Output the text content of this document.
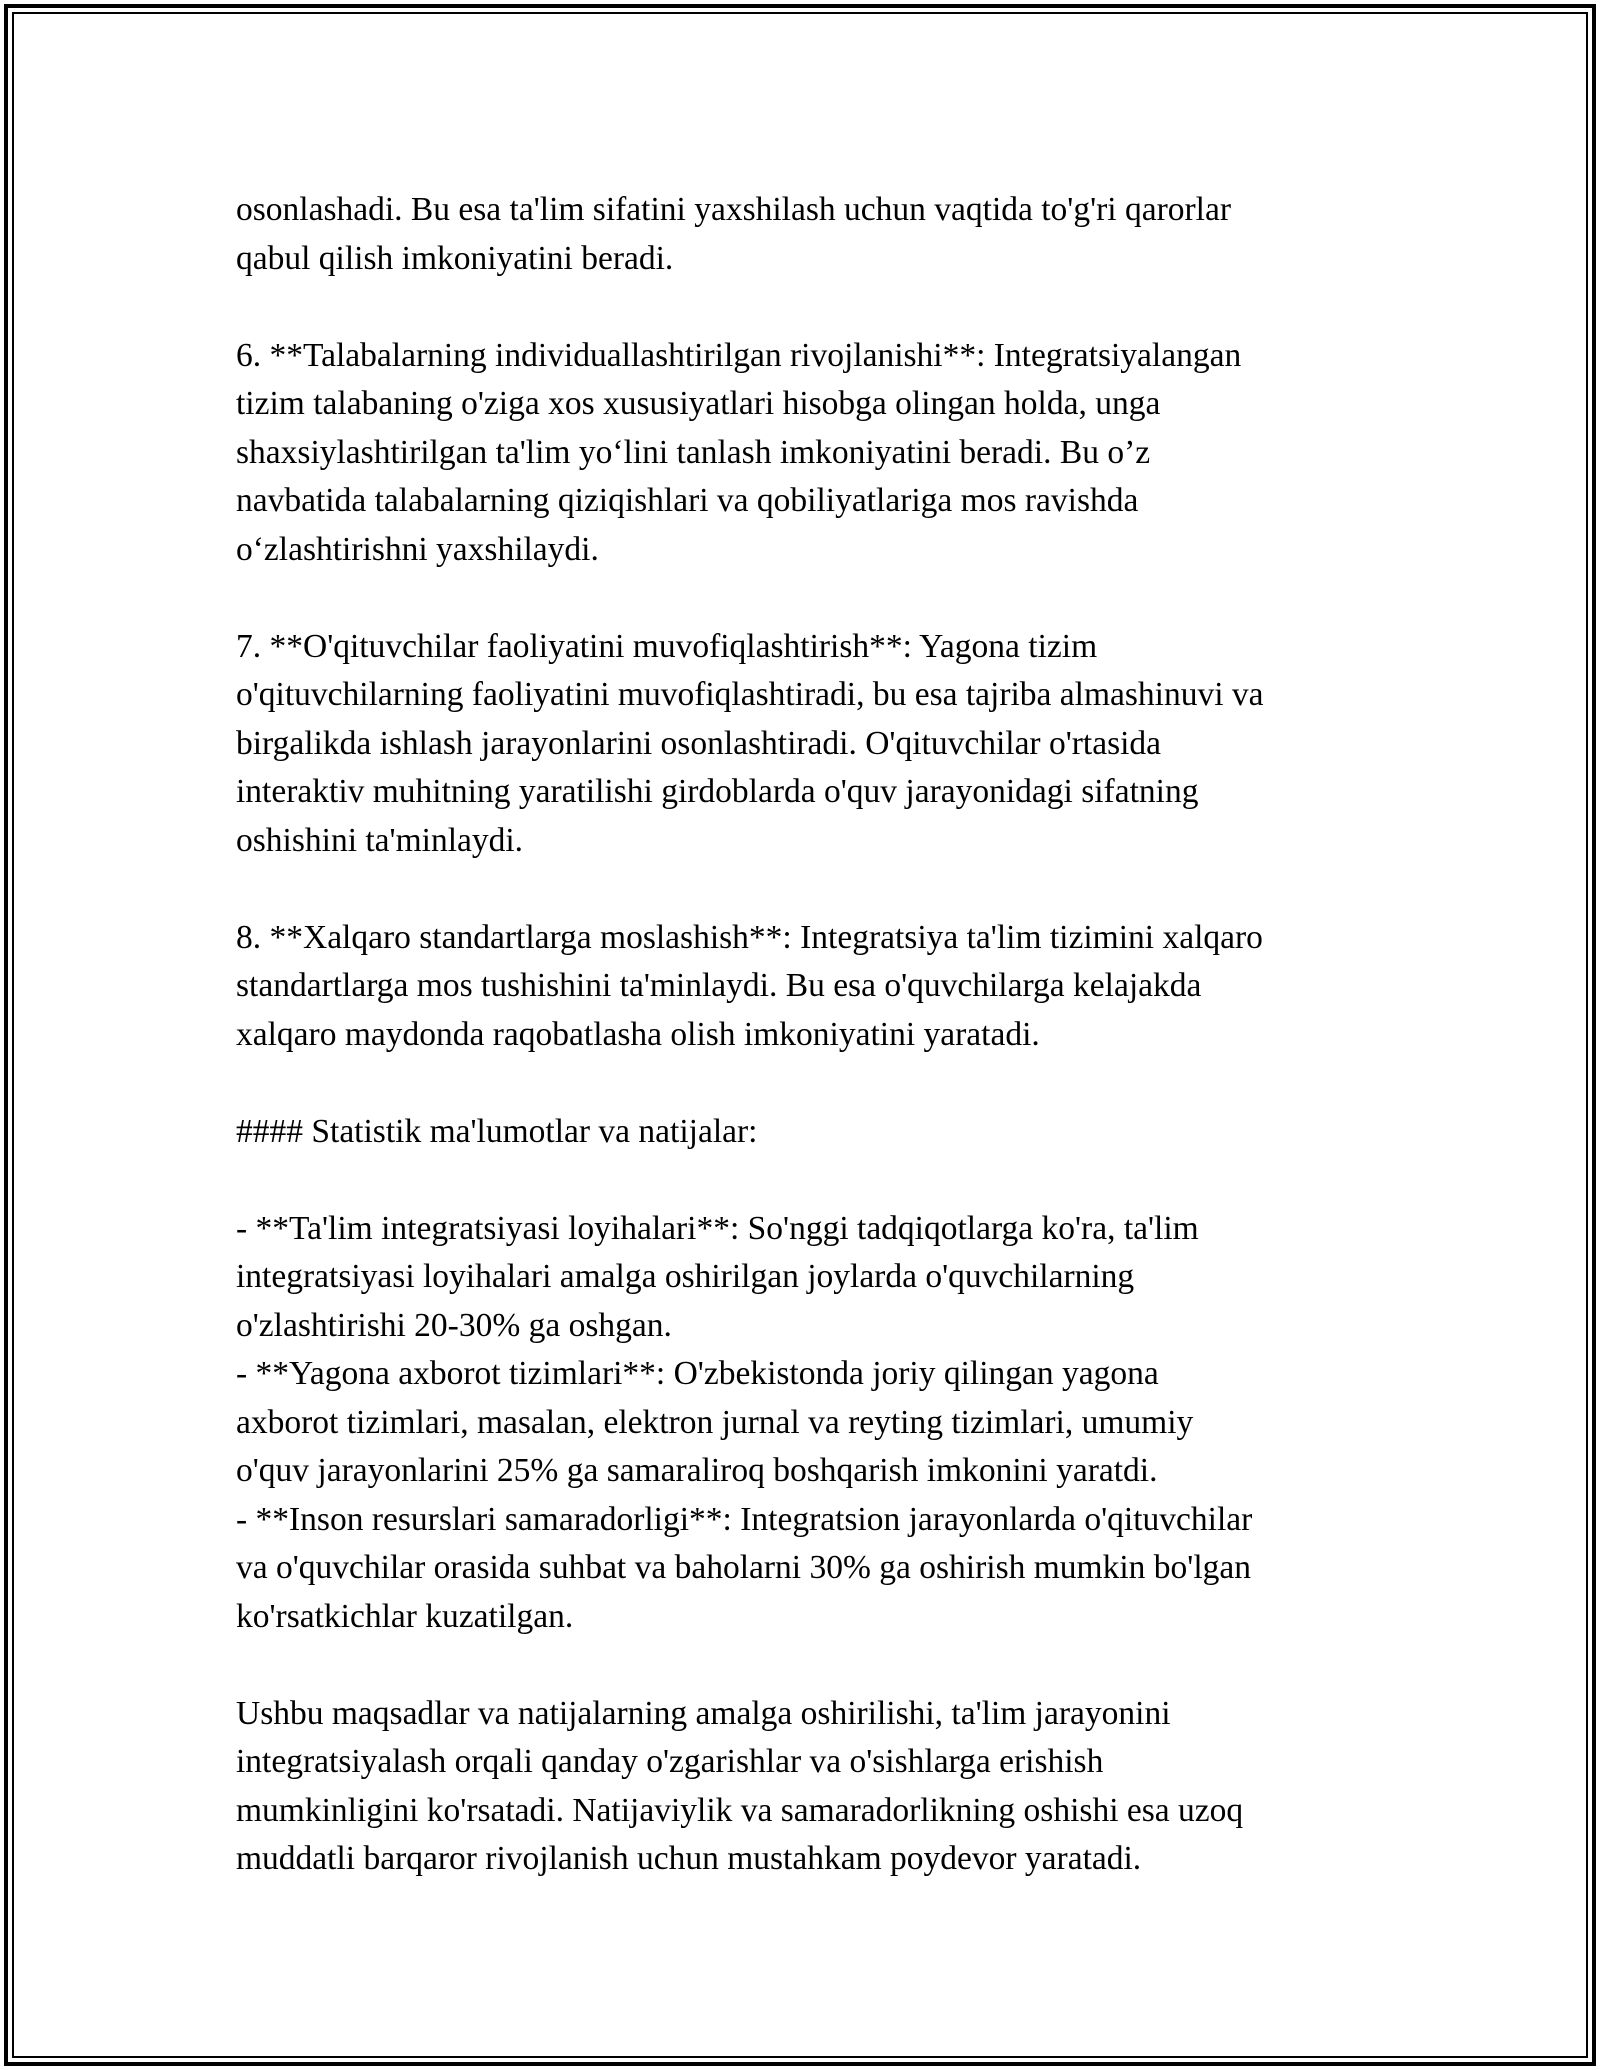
osonlashadi. Bu esa ta'lim sifatini yaxshilash uchun vaqtida to'g'ri qarorlar
qabul qilish imkoniyatini beradi.

6. **Talabalarning individuallashtirilgan rivojlanishi**: Integratsiyalangan
tizim talabaning o'ziga xos xususiyatlari hisobga olingan holda, unga
shaxsiylashtirilgan ta'lim yo‘lini tanlash imkoniyatini beradi. Bu o’z
navbatida talabalarning qiziqishlari va qobiliyatlariga mos ravishda
o‘zlashtirishni yaxshilaydi.

7. **O'qituvchilar faoliyatini muvofiqlashtirish**: Yagona tizim
o'qituvchilarning faoliyatini muvofiqlashtiradi, bu esa tajriba almashinuvi va
birgalikda ishlash jarayonlarini osonlashtiradi. O'qituvchilar o'rtasida
interaktiv muhitning yaratilishi girdoblarda o'quv jarayonidagi sifatning
oshishini ta'minlaydi.

8. **Xalqaro standartlarga moslashish**: Integratsiya ta'lim tizimini xalqaro
standartlarga mos tushishini ta'minlaydi. Bu esa o'quvchilarga kelajakda
xalqaro maydonda raqobatlasha olish imkoniyatini yaratadi.

#### Statistik ma'lumotlar va natijalar:

- **Ta'lim integratsiyasi loyihalari**: So'nggi tadqiqotlarga ko'ra, ta'lim
integratsiyasi loyihalari amalga oshirilgan joylarda o'quvchilarning
o'zlashtirishi 20-30% ga oshgan.
- **Yagona axborot tizimlari**: O'zbekistonda joriy qilingan yagona
axborot tizimlari, masalan, elektron jurnal va reyting tizimlari, umumiy
o'quv jarayonlarini 25% ga samaraliroq boshqarish imkonini yaratdi.
- **Inson resurslari samaradorligi**: Integratsion jarayonlarda o'qituvchilar
va o'quvchilar orasida suhbat va baholarni 30% ga oshirish mumkin bo'lgan
ko'rsatkichlar kuzatilgan.

Ushbu maqsadlar va natijalarning amalga oshirilishi, ta'lim jarayonini
integratsiyalash orqali qanday o'zgarishlar va o'sishlarga erishish
mumkinligini ko'rsatadi. Natijaviylik va samaradorlikning oshishi esa uzoq
muddatli barqaror rivojlanish uchun mustahkam poydevor yaratadi.
